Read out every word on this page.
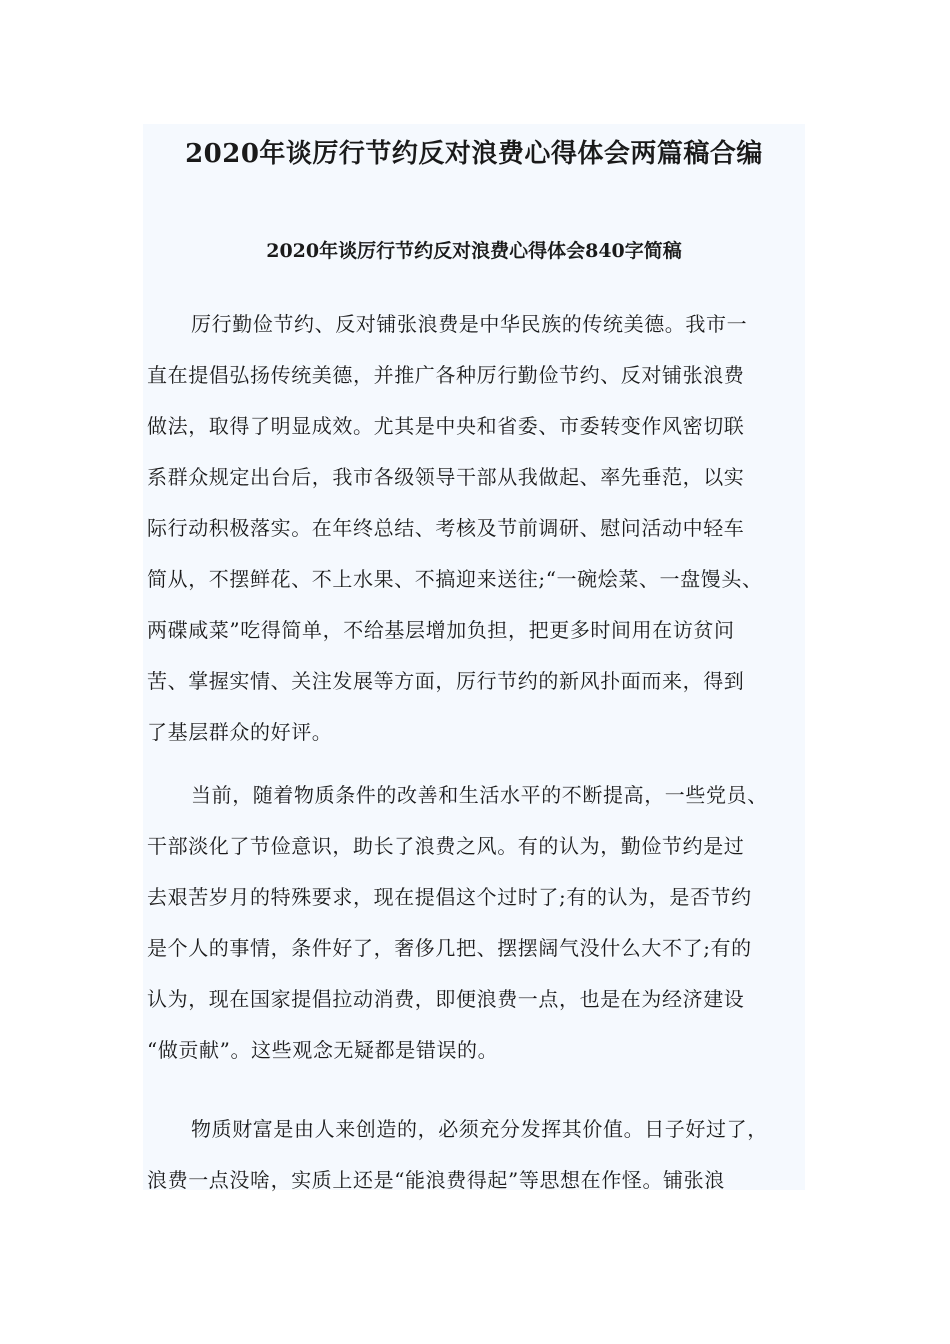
2020年谈厉行节约反对浪费心得体会两篇稿合编
2020年谈厉行节约反对浪费心得体会840字简稿

厉行勤俭节约、反对铺张浪费是中华民族的传统美德。我市一
直在提倡弘扬传统美德，并推广各种厉行勤俭节约、反对铺张浪费
做法，取得了明显成效。尤其是中央和省委、市委转变作风密切联
系群众规定出台后，我市各级领导干部从我做起、率先垂范，以实
际行动积极落实。在年终总结、考核及节前调研、慰问活动中轻车
简从，不摆鲜花、不上水果、不搞迎来送往;“一碗烩菜、一盘馒头、
两碟咸菜”吃得简单，不给基层增加负担，把更多时间用在访贫问
苦、掌握实情、关注发展等方面，厉行节约的新风扑面而来，得到
了基层群众的好评。

当前，随着物质条件的改善和生活水平的不断提高，一些党员、
干部淡化了节俭意识，助长了浪费之风。有的认为，勤俭节约是过
去艰苦岁月的特殊要求，现在提倡这个过时了;有的认为，是否节约
是个人的事情，条件好了，奢侈几把、摆摆阔气没什么大不了;有的
认为，现在国家提倡拉动消费，即便浪费一点，也是在为经济建设
“做贡献”。这些观念无疑都是错误的。

物质财富是由人来创造的，必须充分发挥其价值。日子好过了，
浪费一点没啥，实质上还是“能浪费得起”等思想在作怪。铺张浪
